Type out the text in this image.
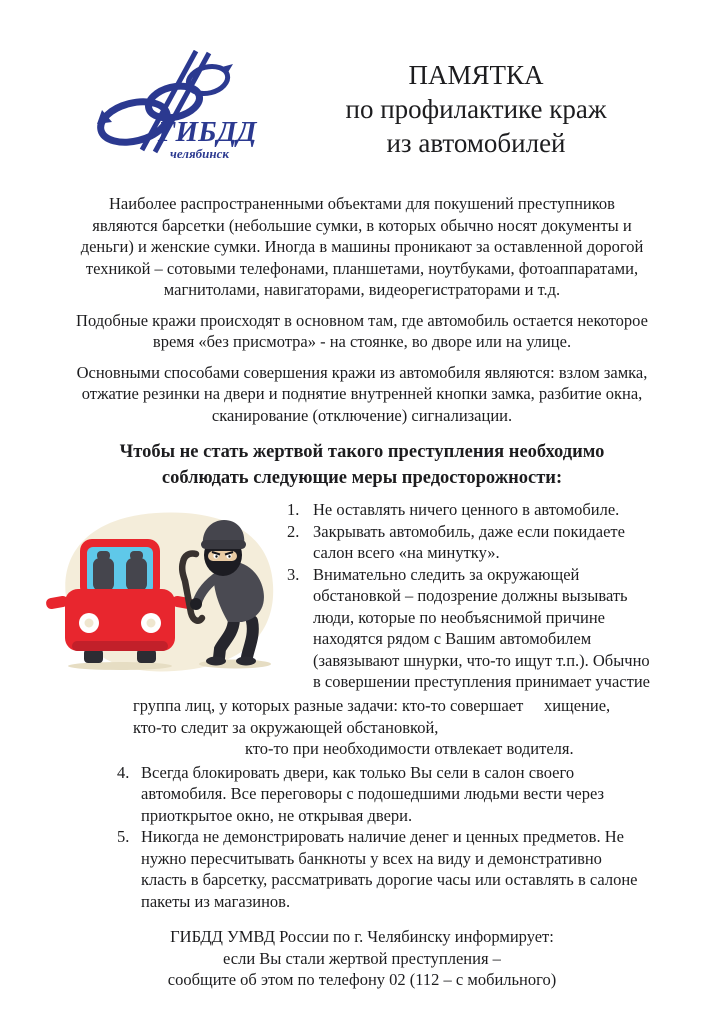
ГИБДД
челябинск
ПАМЯТКА
по профилактике краж
из автомобилей
Наиболее распространенными объектами для покушений преступников
являются барсетки (небольшие сумки, в которых обычно носят документы и
деньги) и женские сумки. Иногда в машины проникают за оставленной дорогой
техникой – сотовыми телефонами, планшетами, ноутбуками, фотоаппаратами,
магнитолами, навигаторами, видеорегистраторами и т.д.
Подобные кражи происходят в основном там, где автомобиль остается некоторое
время «без присмотра» - на стоянке, во дворе или на улице.
Основными способами совершения кражи из автомобиля являются: взлом замка,
отжатие резинки на двери и поднятие внутренней кнопки замка, разбитие окна,
сканирование (отключение) сигнализации.
Чтобы не стать жертвой такого преступления необходимо
соблюдать следующие меры предосторожности:
1. Не оставлять ничего ценного в автомобиле.
2. Закрывать автомобиль, даже если покидаете
салон всего «на минутку».
3. Внимательно следить за окружающей
обстановкой – подозрение должны вызывать
люди, которые по необъяснимой причине
находятся рядом с Вашим автомобилем
(завязывают шнурки, что-то ищут т.п.). Обычно
в совершении преступления принимает участие
группа лиц, у которых разные задачи: кто-то совершает     хищение,
кто-то следит за окружающей обстановкой,
кто-то при необходимости отвлекает водителя.
4. Всегда блокировать двери, как только Вы сели в салон своего
автомобиля. Все переговоры с подошедшими людьми вести через
приоткрытое окно, не открывая двери.
5. Никогда не демонстрировать наличие денег и ценных предметов. Не
нужно пересчитывать банкноты у всех на виду и демонстративно
класть в барсетку, рассматривать дорогие часы или оставлять в салоне
пакеты из магазинов.
ГИБДД УМВД России по г. Челябинску информирует:
если Вы стали жертвой преступления –
сообщите об этом по телефону 02 (112 – с мобильного)
